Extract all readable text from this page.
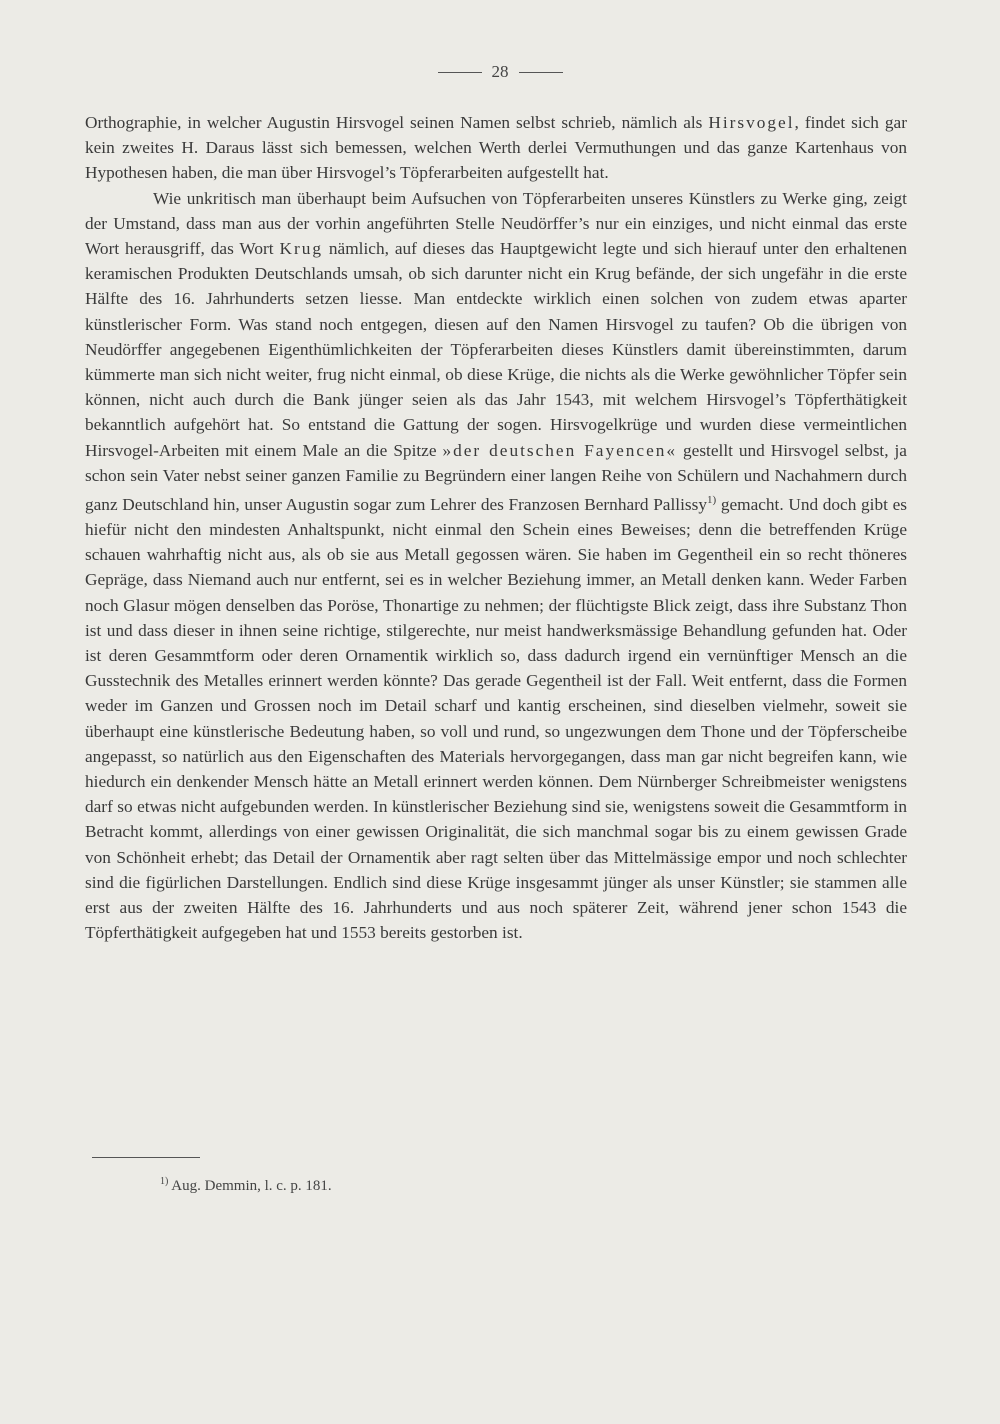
28

Orthographie, in welcher Augustin Hirsvogel seinen Namen selbst schrieb, nämlich als Hirsvogel, findet sich gar kein zweites H. Daraus lässt sich bemessen, welchen Werth derlei Vermuthungen und das ganze Kartenhaus von Hypothesen haben, die man über Hirsvogel’s Töpferarbeiten aufgestellt hat.

Wie unkritisch man überhaupt beim Aufsuchen von Töpferarbeiten unseres Künstlers zu Werke ging, zeigt der Umstand, dass man aus der vorhin angeführten Stelle Neudörffer’s nur ein einziges, und nicht einmal das erste Wort herausgriff, das Wort Krug nämlich, auf dieses das Hauptgewicht legte und sich hierauf unter den erhaltenen keramischen Produkten Deutschlands umsah, ob sich darunter nicht ein Krug befände, der sich ungefähr in die erste Hälfte des 16. Jahrhunderts setzen liesse. Man entdeckte wirklich einen solchen von zudem etwas aparter künstlerischer Form. Was stand noch entgegen, diesen auf den Namen Hirsvogel zu taufen? Ob die übrigen von Neudörffer angegebenen Eigenthümlichkeiten der Töpferarbeiten dieses Künstlers damit übereinstimmten, darum kümmerte man sich nicht weiter, frug nicht einmal, ob diese Krüge, die nichts als die Werke gewöhnlicher Töpfer sein können, nicht auch durch die Bank jünger seien als das Jahr 1543, mit welchem Hirsvogel’s Töpferthätigkeit bekanntlich aufgehört hat. So entstand die Gattung der sogen. Hirsvogelkrüge und wurden diese vermeintlichen Hirsvogel-Arbeiten mit einem Male an die Spitze »der deutschen Fayencen« gestellt und Hirsvogel selbst, ja schon sein Vater nebst seiner ganzen Familie zu Begründern einer langen Reihe von Schülern und Nachahmern durch ganz Deutschland hin, unser Augustin sogar zum Lehrer des Franzosen Bernhard Pallissy$^{1)}$ gemacht. Und doch gibt es hiefür nicht den mindesten Anhaltspunkt, nicht einmal den Schein eines Beweises; denn die betreffenden Krüge schauen wahrhaftig nicht aus, als ob sie aus Metall gegossen wären. Sie haben im Gegentheil ein so recht thöneres Gepräge, dass Niemand auch nur entfernt, sei es in welcher Beziehung immer, an Metall denken kann. Weder Farben noch Glasur mögen denselben das Poröse, Thonartige zu nehmen; der flüchtigste Blick zeigt, dass ihre Substanz Thon ist und dass dieser in ihnen seine richtige, stilgerechte, nur meist handwerksmässige Behandlung gefunden hat. Oder ist deren Gesammtform oder deren Ornamentik wirklich so, dass dadurch irgend ein vernünftiger Mensch an die Gusstechnik des Metalles erinnert werden könnte? Das gerade Gegentheil ist der Fall. Weit entfernt, dass die Formen weder im Ganzen und Grossen noch im Detail scharf und kantig erscheinen, sind dieselben vielmehr, soweit sie überhaupt eine künstlerische Bedeutung haben, so voll und rund, so ungezwungen dem Thone und der Töpferscheibe angepasst, so natürlich aus den Eigenschaften des Materials hervorgegangen, dass man gar nicht begreifen kann, wie hiedurch ein denkender Mensch hätte an Metall erinnert werden können. Dem Nürnberger Schreibmeister wenigstens darf so etwas nicht aufgebunden werden. In künstlerischer Beziehung sind sie, wenigstens soweit die Gesammtform in Betracht kommt, allerdings von einer gewissen Originalität, die sich manchmal sogar bis zu einem gewissen Grade von Schönheit erhebt; das Detail der Ornamentik aber ragt selten über das Mittelmässige empor und noch schlechter sind die figürlichen Darstellungen. Endlich sind diese Krüge insgesammt jünger als unser Künstler; sie stammen alle erst aus der zweiten Hälfte des 16. Jahrhunderts und aus noch späterer Zeit, während jener schon 1543 die Töpferthätigkeit aufgegeben hat und 1553 bereits gestorben ist.

$^{1)}$ Aug. Demmin, l. c. p. 181.
